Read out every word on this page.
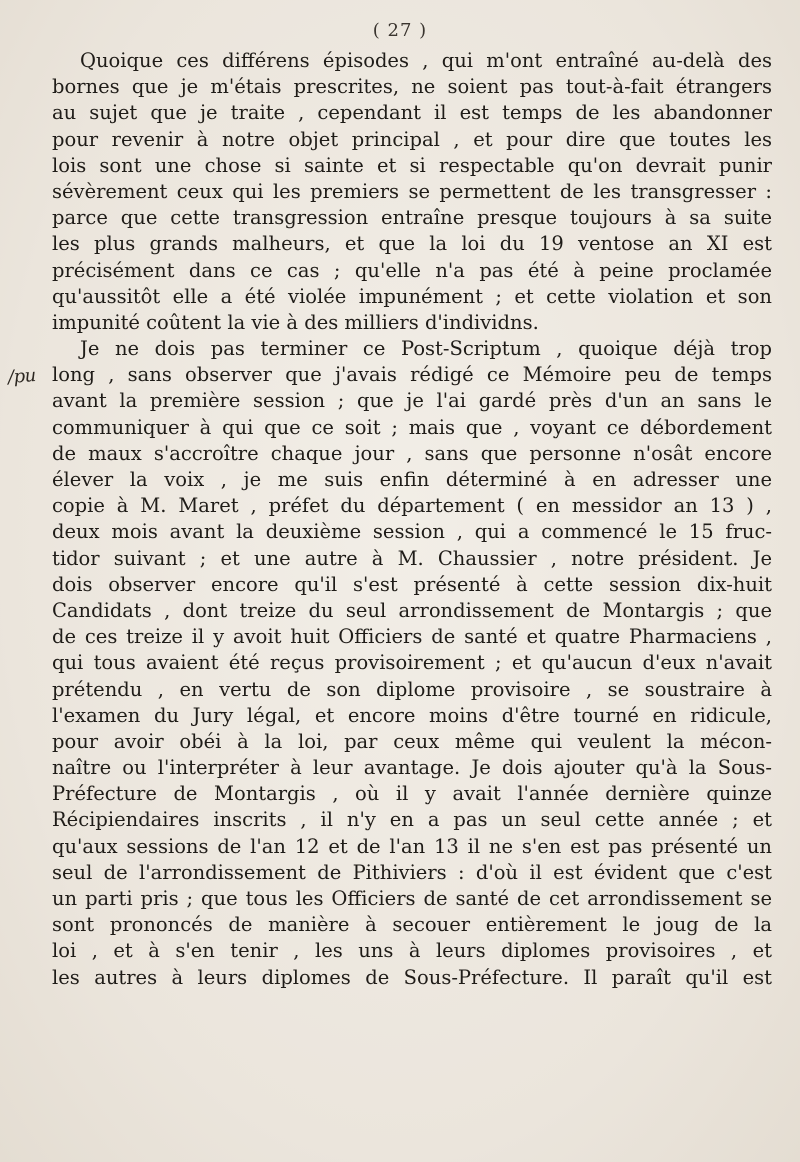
( 27 )
/pu
Quoique ces différens épisodes , qui m'ont entraîné au-delà des
bornes que je m'étais prescrites, ne soient pas tout-à-fait étrangers
au sujet que je traite , cependant il est temps de les abandonner
pour revenir à notre objet principal , et pour dire que toutes les
lois sont une chose si sainte et si respectable qu'on devrait punir
sévèrement ceux qui les premiers se permettent de les transgresser :
parce que cette transgression entraîne presque toujours à sa suite
les plus grands malheurs, et que la loi du 19 ventose an XI est
précisément dans ce cas ; qu'elle n'a pas été à peine proclamée
qu'aussitôt elle a été violée impunément ; et cette violation et son
impunité coûtent la vie à des milliers d'individns.
Je ne dois pas terminer ce Post-Scriptum , quoique déjà trop
long , sans observer que j'avais rédigé ce Mémoire peu de temps
avant la première session ; que je l'ai gardé près d'un an sans le
communiquer à qui que ce soit ; mais que , voyant ce débordement
de maux s'accroître chaque jour , sans que personne n'osât encore
élever la voix , je me suis enfin déterminé à en adresser une
copie à M. Maret , préfet du département ( en messidor an 13 ) ,
deux mois avant la deuxième session , qui a commencé le 15 fruc-
tidor suivant ; et une autre à M. Chaussier , notre président. Je
dois observer encore qu'il s'est présenté à cette session dix-huit
Candidats , dont treize du seul arrondissement de Montargis ; que
de ces treize il y avoit huit Officiers de santé et quatre Pharmaciens ,
qui tous avaient été reçus provisoirement ; et qu'aucun d'eux n'avait
prétendu , en vertu de son diplome provisoire , se soustraire à
l'examen du Jury légal, et encore moins d'être tourné en ridicule,
pour avoir obéi à la loi, par ceux même qui veulent la mécon-
naître ou l'interpréter à leur avantage. Je dois ajouter qu'à la Sous-
Préfecture de Montargis , où il y avait l'année dernière quinze
Récipiendaires inscrits , il n'y en a pas un seul cette année ; et
qu'aux sessions de l'an 12 et de l'an 13 il ne s'en est pas présenté un
seul de l'arrondissement de Pithiviers : d'où il est évident que c'est
un parti pris ; que tous les Officiers de santé de cet arrondissement se
sont prononcés de manière à secouer entièrement le joug de la
loi , et à s'en tenir , les uns à leurs diplomes provisoires , et
les autres à leurs diplomes de Sous-Préfecture. Il paraît qu'il est
